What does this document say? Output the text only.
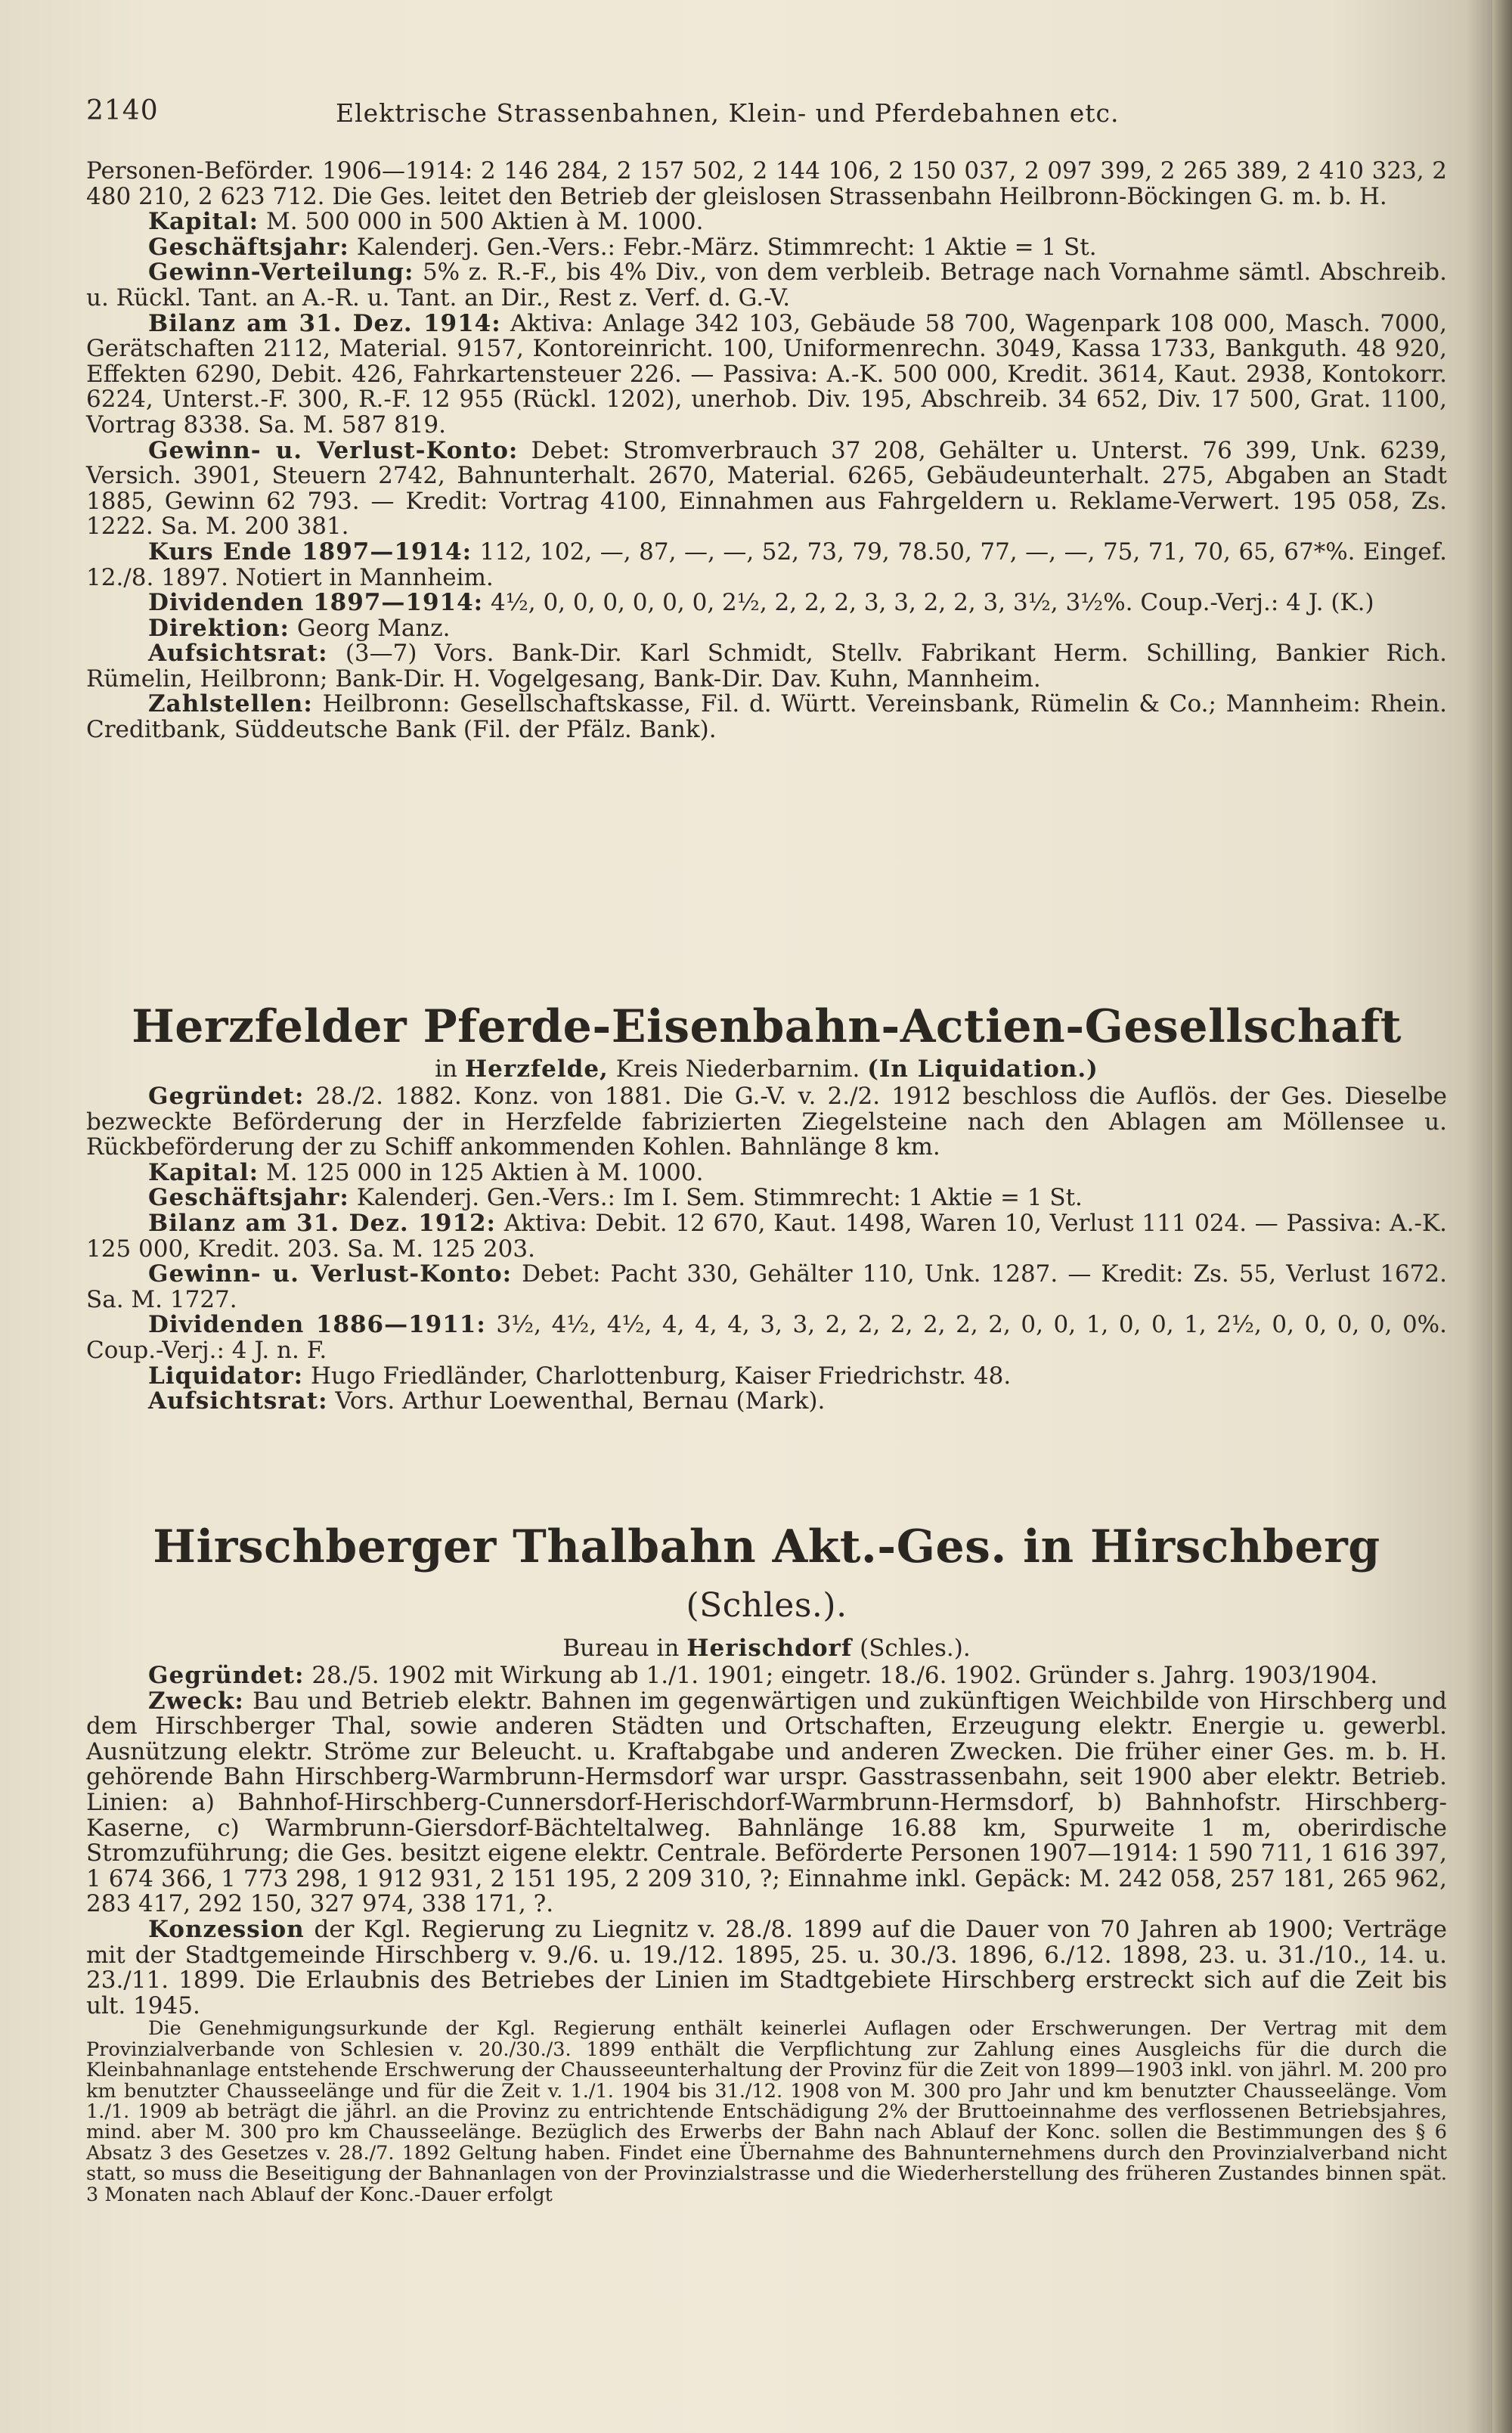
2140	Elektrische Strassenbahnen, Klein- und Pferdebahnen etc.
Personen-Beförder. 1906—1914: 2 146 284, 2 157 502, 2 144 106, 2 150 037, 2 097 399, 2 265 389, 2 410 323, 2 480 210, 2 623 712. Die Ges. leitet den Betrieb der gleislosen Strassenbahn Heilbronn-Böckingen G. m. b. H.
Kapital: M. 500 000 in 500 Aktien à M. 1000.
Geschäftsjahr: Kalenderj. Gen.-Vers.: Febr.-März. Stimmrecht: 1 Aktie = 1 St.
Gewinn-Verteilung: 5% z. R.-F., bis 4% Div., von dem verbleib. Betrage nach Vornahme sämtl. Abschreib. u. Rückl. Tant. an A.-R. u. Tant. an Dir., Rest z. Verf. d. G.-V.
Bilanz am 31. Dez. 1914: Aktiva: Anlage 342 103, Gebäude 58 700, Wagenpark 108 000, Masch. 7000, Gerätschaften 2112, Material. 9157, Kontoreinricht. 100, Uniformenrechn. 3049, Kassa 1733, Bankguth. 48 920, Effekten 6290, Debit. 426, Fahrkartensteuer 226. — Passiva: A.-K. 500 000, Kredit. 3614, Kaut. 2938, Kontokorr. 6224, Unterst.-F. 300, R.-F. 12 955 (Rückl. 1202), unerhob. Div. 195, Abschreib. 34 652, Div. 17 500, Grat. 1100, Vortrag 8338. Sa. M. 587 819.
Gewinn- u. Verlust-Konto: Debet: Stromverbrauch 37 208, Gehälter u. Unterst. 76 399, Unk. 6239, Versich. 3901, Steuern 2742, Bahnunterhalt. 2670, Material. 6265, Gebäudeunterhalt. 275, Abgaben an Stadt 1885, Gewinn 62 793. — Kredit: Vortrag 4100, Einnahmen aus Fahrgeldern u. Reklame-Verwert. 195 058, Zs. 1222. Sa. M. 200 381.
Kurs Ende 1897—1914: 112, 102, —, 87, —, —, 52, 73, 79, 78.50, 77, —, —, 75, 71, 70, 65, 67*%. Eingef. 12./8. 1897. Notiert in Mannheim.
Dividenden 1897—1914: 4½, 0, 0, 0, 0, 0, 0, 2½, 2, 2, 2, 3, 3, 2, 2, 3, 3½, 3½%. Coup.-Verj.: 4 J. (K.)
Direktion: Georg Manz.
Aufsichtsrat: (3—7) Vors. Bank-Dir. Karl Schmidt, Stellv. Fabrikant Herm. Schilling, Bankier Rich. Rümelin, Heilbronn; Bank-Dir. H. Vogelgesang, Bank-Dir. Dav. Kuhn, Mannheim.
Zahlstellen: Heilbronn: Gesellschaftskasse, Fil. d. Württ. Vereinsbank, Rümelin & Co.; Mannheim: Rhein. Creditbank, Süddeutsche Bank (Fil. der Pfälz. Bank).
Herzfelder Pferde-Eisenbahn-Actien-Gesellschaft
in Herzfelde, Kreis Niederbarnim. (In Liquidation.)
Gegründet: 28./2. 1882. Konz. von 1881. Die G.-V. v. 2./2. 1912 beschloss die Auflös. der Ges. Dieselbe bezweckte Beförderung der in Herzfelde fabrizierten Ziegelsteine nach den Ablagen am Möllensee u. Rückbeförderung der zu Schiff ankommenden Kohlen. Bahnlänge 8 km.
Kapital: M. 125 000 in 125 Aktien à M. 1000.
Geschäftsjahr: Kalenderj. Gen.-Vers.: Im I. Sem. Stimmrecht: 1 Aktie = 1 St.
Bilanz am 31. Dez. 1912: Aktiva: Debit. 12 670, Kaut. 1498, Waren 10, Verlust 111 024. — Passiva: A.-K. 125 000, Kredit. 203. Sa. M. 125 203.
Gewinn- u. Verlust-Konto: Debet: Pacht 330, Gehälter 110, Unk. 1287. — Kredit: Zs. 55, Verlust 1672. Sa. M. 1727.
Dividenden 1886—1911: 3½, 4½, 4½, 4, 4, 4, 3, 3, 2, 2, 2, 2, 2, 2, 0, 0, 1, 0, 0, 1, 2½, 0, 0, 0, 0, 0%. Coup.-Verj.: 4 J. n. F.
Liquidator: Hugo Friedländer, Charlottenburg, Kaiser Friedrichstr. 48.
Aufsichtsrat: Vors. Arthur Loewenthal, Bernau (Mark).
Hirschberger Thalbahn Akt.-Ges. in Hirschberg (Schles.).
Bureau in Herischdorf (Schles.).
Gegründet: 28./5. 1902 mit Wirkung ab 1./1. 1901; eingetr. 18./6. 1902. Gründer s. Jahrg. 1903/1904.
Zweck: Bau und Betrieb elektr. Bahnen im gegenwärtigen und zukünftigen Weichbilde von Hirschberg und dem Hirschberger Thal, sowie anderen Städten und Ortschaften, Erzeugung elektr. Energie u. gewerbl. Ausnützung elektr. Ströme zur Beleucht. u. Kraftabgabe und anderen Zwecken. Die früher einer Ges. m. b. H. gehörende Bahn Hirschberg-Warmbrunn-Hermsdorf war urspr. Gasstrassenbahn, seit 1900 aber elektr. Betrieb. Linien: a) Bahnhof-Hirschberg-Cunnersdorf-Herischdorf-Warmbrunn-Hermsdorf, b) Bahnhofstr. Hirschberg-Kaserne, c) Warmbrunn-Giersdorf-Bächteltalweg. Bahnlänge 16.88 km, Spurweite 1 m, oberirdische Stromzuführung; die Ges. besitzt eigene elektr. Centrale. Beförderte Personen 1907—1914: 1 590 711, 1 616 397, 1 674 366, 1 773 298, 1 912 931, 2 151 195, 2 209 310, ?; Einnahme inkl. Gepäck: M. 242 058, 257 181, 265 962, 283 417, 292 150, 327 974, 338 171, ?.
Konzession der Kgl. Regierung zu Liegnitz v. 28./8. 1899 auf die Dauer von 70 Jahren ab 1900; Verträge mit der Stadtgemeinde Hirschberg v. 9./6. u. 19./12. 1895, 25. u. 30./3. 1896, 6./12. 1898, 23. u. 31./10., 14. u. 23./11. 1899. Die Erlaubnis des Betriebes der Linien im Stadtgebiete Hirschberg erstreckt sich auf die Zeit bis ult. 1945.
Die Genehmigungsurkunde der Kgl. Regierung enthält keinerlei Auflagen oder Erschwerungen. Der Vertrag mit dem Provinzialverbande von Schlesien v. 20./30./3. 1899 enthält die Verpflichtung zur Zahlung eines Ausgleichs für die durch die Kleinbahnanlage entstehende Erschwerung der Chausseeunterhaltung der Provinz für die Zeit von 1899—1903 inkl. von jährl. M. 200 pro km benutzter Chausseelänge und für die Zeit v. 1./1. 1904 bis 31./12. 1908 von M. 300 pro Jahr und km benutzter Chausseelänge. Vom 1./1. 1909 ab beträgt die jährl. an die Provinz zu entrichtende Entschädigung 2% der Bruttoeinnahme des verflossenen Betriebsjahres, mind. aber M. 300 pro km Chausseelänge. Bezüglich des Erwerbs der Bahn nach Ablauf der Konc. sollen die Bestimmungen des § 6 Absatz 3 des Gesetzes v. 28./7. 1892 Geltung haben. Findet eine Übernahme des Bahnunternehmens durch den Provinzialverband nicht statt, so muss die Beseitigung der Bahnanlagen von der Provinzialstrasse und die Wiederherstellung des früheren Zustandes binnen spät. 3 Monaten nach Ablauf der Konc.-Dauer erfolgt
